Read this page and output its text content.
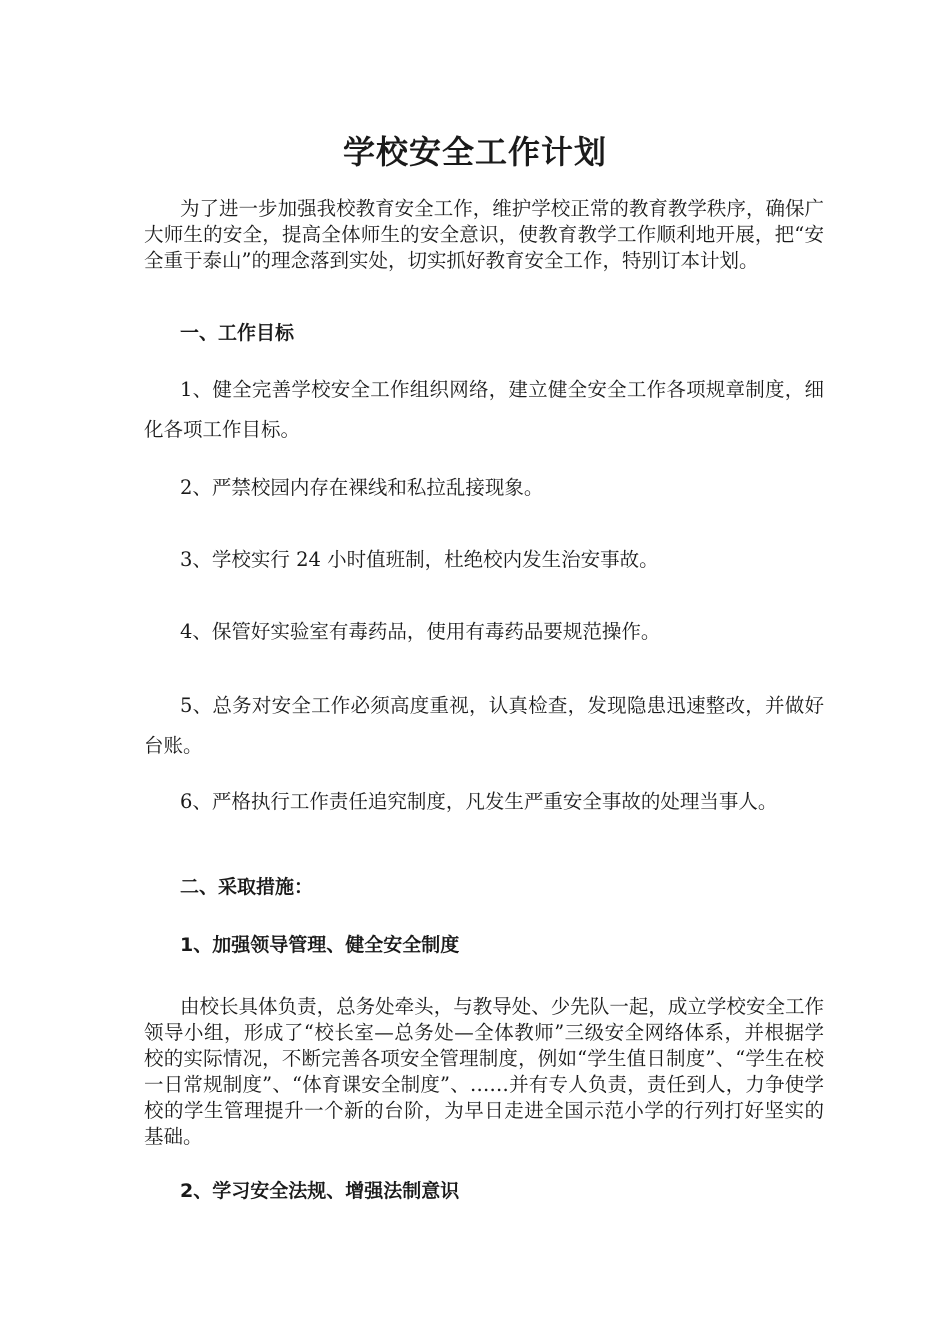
学校安全工作计划

为了进一步加强我校教育安全工作，维护学校正常的教育教学秩序，确保广大师生的安全，提高全体师生的安全意识，使教育教学工作顺利地开展，把“安全重于泰山”的理念落到实处，切实抓好教育安全工作，特别订本计划。

一、工作目标

1、健全完善学校安全工作组织网络，建立健全安全工作各项规章制度，细化各项工作目标。

2、严禁校园内存在裸线和私拉乱接现象。

3、学校实行 24 小时值班制，杜绝校内发生治安事故。

4、保管好实验室有毒药品，使用有毒药品要规范操作。

5、总务对安全工作必须高度重视，认真检查，发现隐患迅速整改，并做好台账。

6、严格执行工作责任追究制度，凡发生严重安全事故的处理当事人。

二、采取措施：
1、加强领导管理、健全安全制度

由校长具体负责，总务处牵头，与教导处、少先队一起，成立学校安全工作领导小组，形成了“校长室—总务处—全体教师”三级安全网络体系，并根据学校的实际情况，不断完善各项安全管理制度，例如“学生值日制度”、“学生在校一日常规制度”、“体育课安全制度”、……并有专人负责，责任到人，力争使学校的学生管理提升一个新的台阶，为早日走进全国示范小学的行列打好坚实的基础。

2、学习安全法规、增强法制意识
